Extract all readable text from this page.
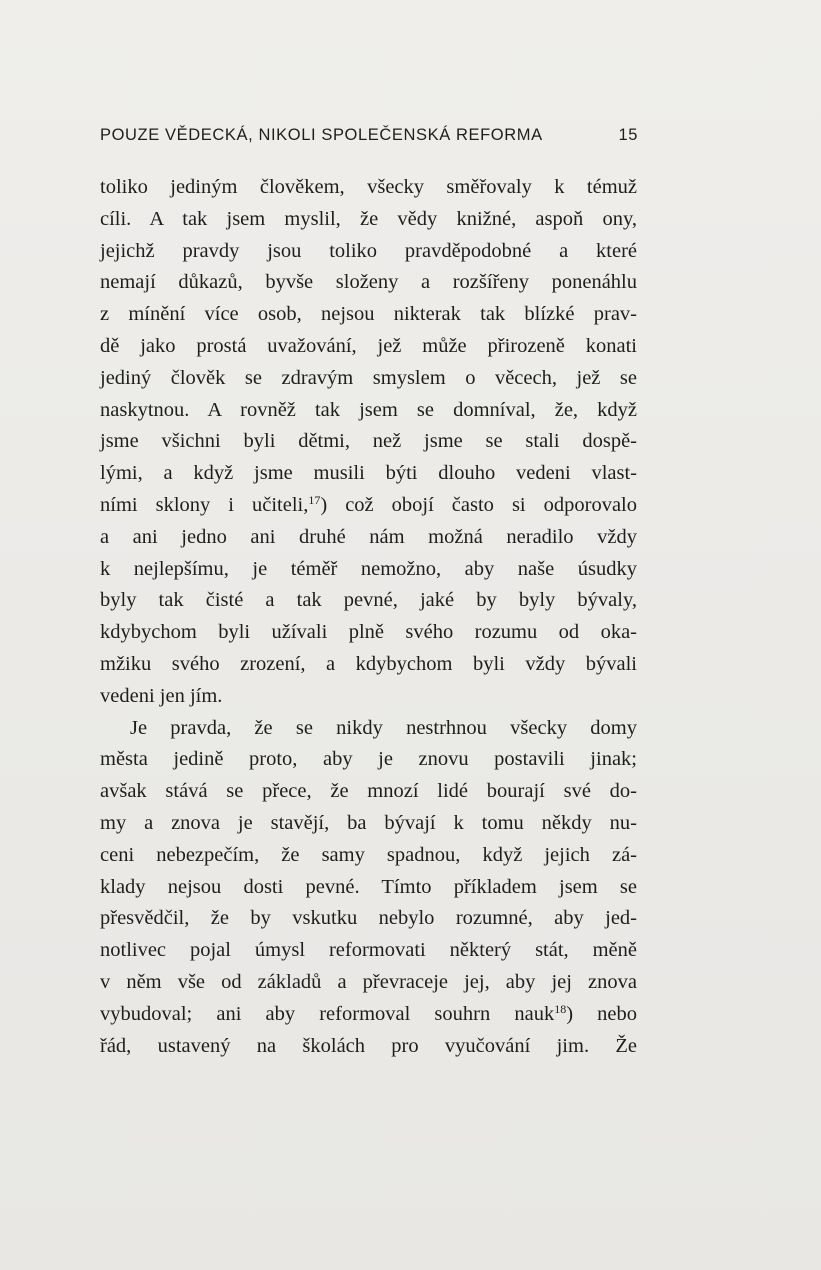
POUZE VĚDECKÁ, NIKOLI SPOLEČENSKÁ REFORMA	15
toliko jediným člověkem, všecky směřovaly k témuž
cíli. A tak jsem myslil, že vědy knižné, aspoň ony,
jejichž pravdy jsou toliko pravděpodobné a které
nemají důkazů, byvše složeny a rozšířeny ponenáhlu
z mínění více osob, nejsou nikterak tak blízké prav-
dě jako prostá uvažování, jež může přirozeně konati
jediný člověk se zdravým smyslem o věcech, jež se
naskytnou. A rovněž tak jsem se domníval, že, když
jsme všichni byli dětmi, než jsme se stali dospě-
lými, a když jsme musili býti dlouho vedeni vlast-
ními sklony i učiteli,$^{17}$) což obojí často si odporovalo
a ani jedno ani druhé nám možná neradilo vždy
k nejlepšímu, je téměř nemožno, aby naše úsudky
byly tak čisté a tak pevné, jaké by byly bývaly,
kdybychom byli užívali plně svého rozumu od oka-
mžiku svého zrození, a kdybychom byli vždy bývali
vedeni jen jím.
Je pravda, že se nikdy nestrhnou všecky domy
města jedině proto, aby je znovu postavili jinak;
avšak stává se přece, že mnozí lidé bourají své do-
my a znova je stavějí, ba bývají k tomu někdy nu-
ceni nebezpečím, že samy spadnou, když jejich zá-
klady nejsou dosti pevné. Tímto příkladem jsem se
přesvědčil, že by vskutku nebylo rozumné, aby jed-
notlivec pojal úmysl reformovati některý stát, měně
v něm vše od základů a převraceje jej, aby jej znova
vybudoval; ani aby reformoval souhrn nauk$^{18}$) nebo
řád, ustavený na školách pro vyučování jim. Že
